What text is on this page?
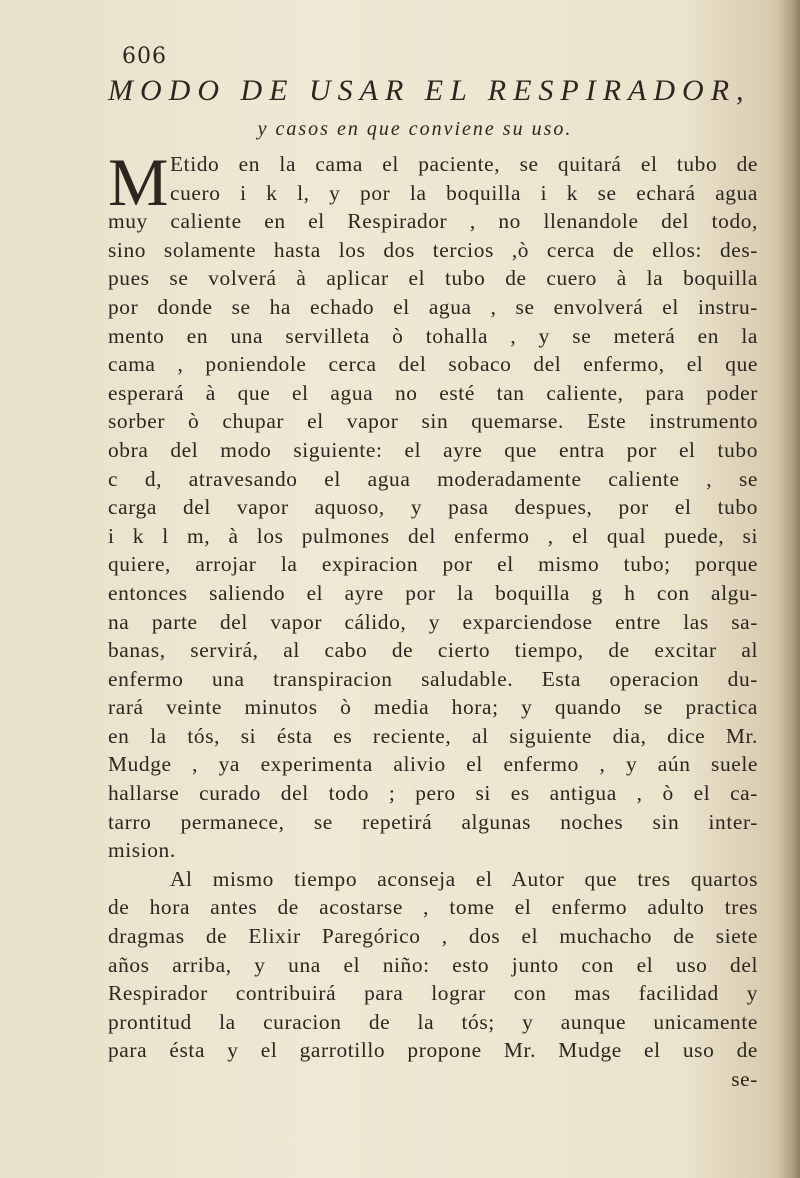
606
MODO DE USAR EL RESPIRADOR,
y casos en que conviene su uso.
M Etido en la cama el paciente, se quitará el tubo de
cuero i k l, y por la boquilla i k se echará agua
muy caliente en el Respirador , no llenandole del todo,
sino solamente hasta los dos tercios ,ò cerca de ellos: des-
pues se volverá à aplicar el tubo de cuero à la boquilla
por donde se ha echado el agua , se envolverá el instru-
mento en una servilleta ò tohalla , y se meterá en la
cama , poniendole cerca del sobaco del enfermo, el que
esperará à que el agua no esté tan caliente, para poder
sorber ò chupar el vapor sin quemarse. Este instrumento
obra del modo siguiente: el ayre que entra por el tubo
c d, atravesando el agua moderadamente caliente , se
carga del vapor aquoso, y pasa despues, por el tubo
i k l m, à los pulmones del enfermo , el qual puede, si
quiere, arrojar la expiracion por el mismo tubo; porque
entonces saliendo el ayre por la boquilla g h con algu-
na parte del vapor cálido, y exparciendose entre las sa-
banas, servirá, al cabo de cierto tiempo, de excitar al
enfermo una transpiracion saludable. Esta operacion du-
rará veinte minutos ò media hora; y quando se practica
en la tós, si ésta es reciente, al siguiente dia, dice Mr.
Mudge , ya experimenta alivio el enfermo , y aún suele
hallarse curado del todo ; pero si es antigua , ò el ca-
tarro permanece, se repetirá algunas noches sin inter-
mision.
Al mismo tiempo aconseja el Autor que tres quartos
de hora antes de acostarse , tome el enfermo adulto tres
dragmas de Elixir Paregórico , dos el muchacho de siete
años arriba, y una el niño: esto junto con el uso del
Respirador contribuirá para lograr con mas facilidad y
prontitud la curacion de la tós; y aunque unicamente
para ésta y el garrotillo propone Mr. Mudge el uso de
se-
